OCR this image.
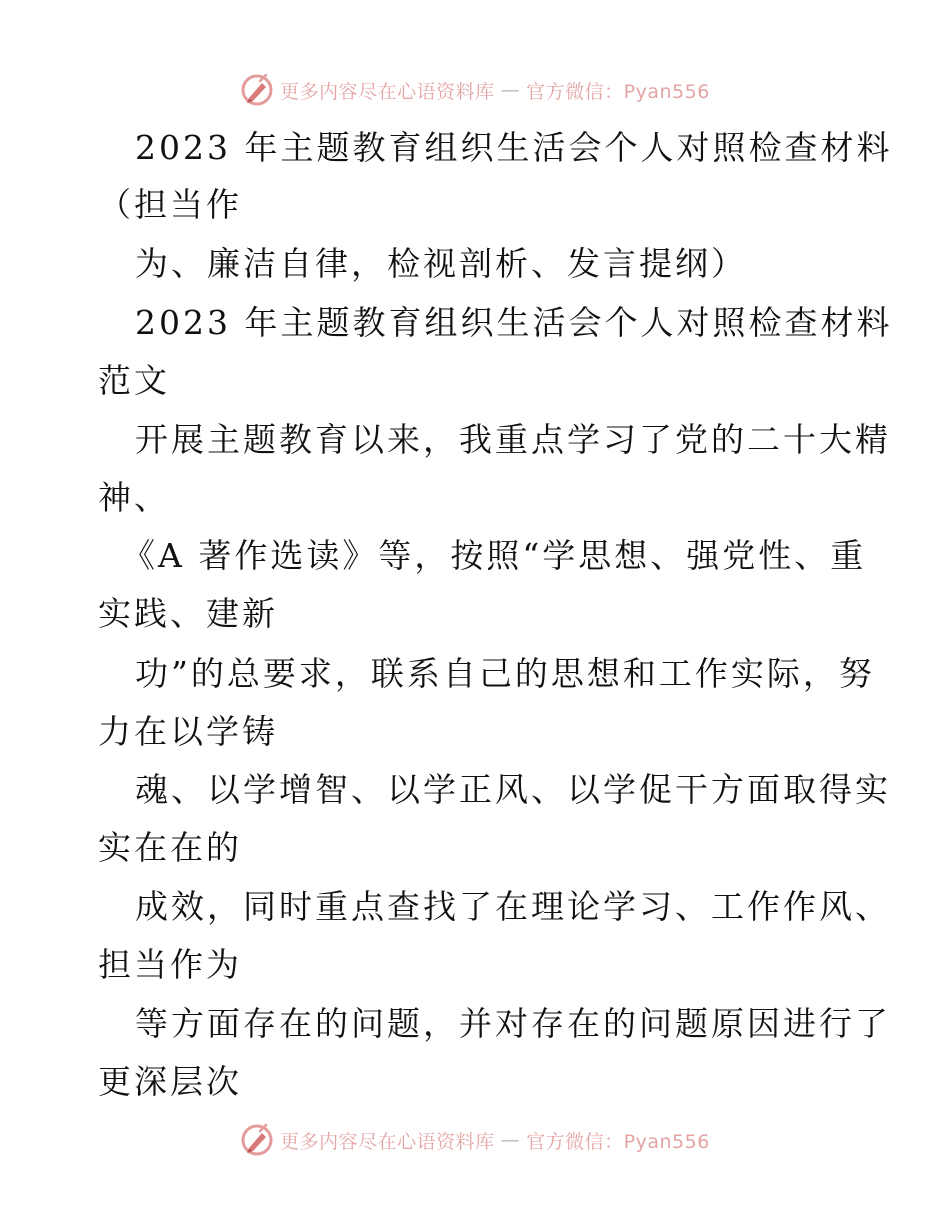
更多内容尽在心语资料库 — 官方微信：Pyan556
2023 年主题教育组织生活会个人对照检查材料
（担当作
为、廉洁自律，检视剖析、发言提纲）
2023 年主题教育组织生活会个人对照检查材料
范文
开展主题教育以来，我重点学习了党的二十大精
神、
《A 著作选读》等，按照“学思想、强党性、重
实践、建新
功”的总要求，联系自己的思想和工作实际，努
力在以学铸
魂、以学增智、以学正风、以学促干方面取得实
实在在的
成效，同时重点查找了在理论学习、工作作风、
担当作为
等方面存在的问题，并对存在的问题原因进行了
更深层次
更多内容尽在心语资料库 — 官方微信：Pyan556
